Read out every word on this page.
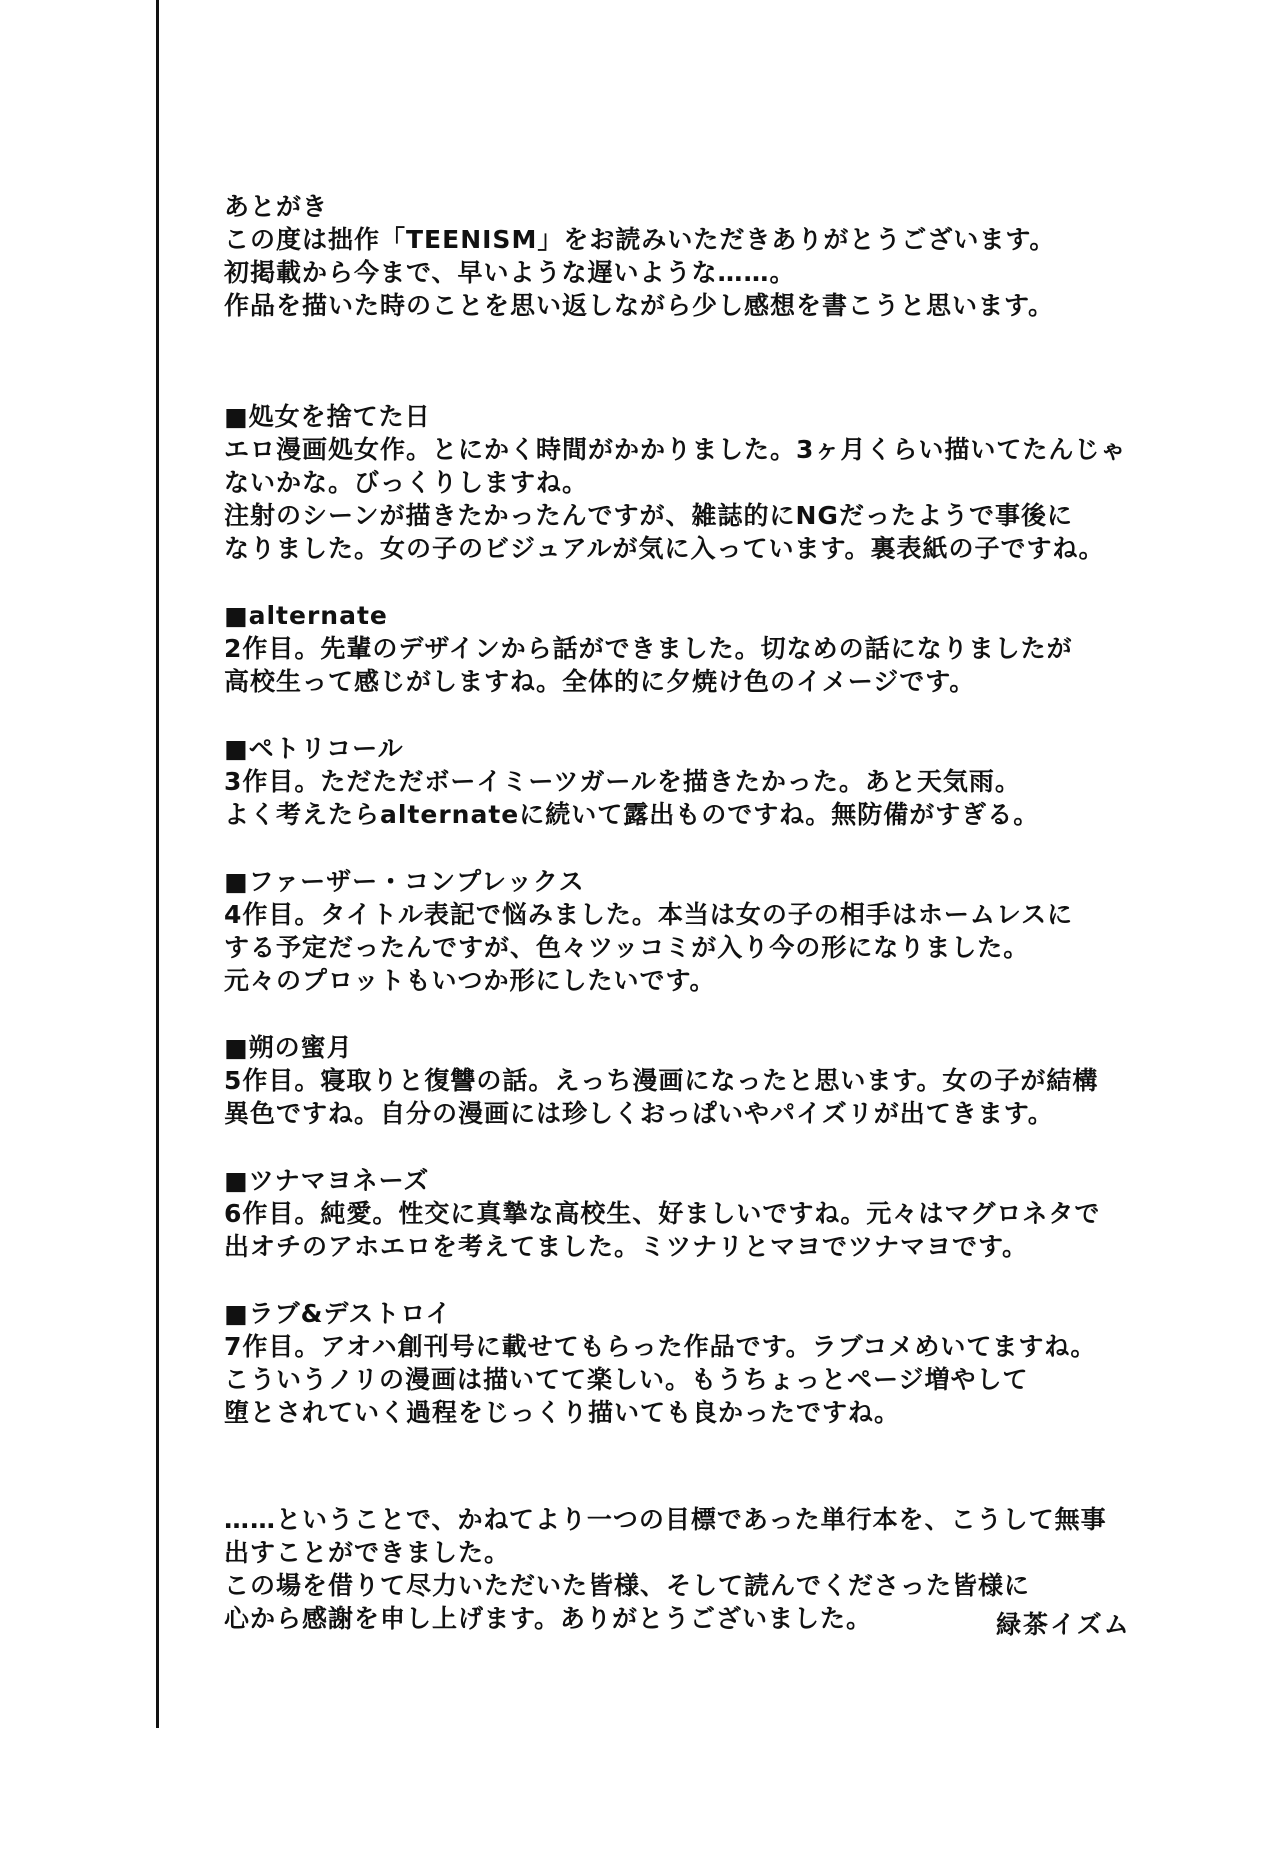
あとがき

この度は拙作「TEENISM」をお読みいただきありがとうございます。

初掲載から今まで、早いような遅いような……。

作品を描いた時のことを思い返しながら少し感想を書こうと思います。

■処女を捨てた日

エロ漫画処女作。とにかく時間がかかりました。3ヶ月くらい描いてたんじゃ

ないかな。びっくりしますね。

注射のシーンが描きたかったんですが、雑誌的にNGだったようで事後に

なりました。女の子のビジュアルが気に入っています。裏表紙の子ですね。

■alternate

2作目。先輩のデザインから話ができました。切なめの話になりましたが

高校生って感じがしますね。全体的に夕焼け色のイメージです。

■ペトリコール

3作目。ただただボーイミーツガールを描きたかった。あと天気雨。

よく考えたらalternateに続いて露出ものですね。無防備がすぎる。

■ファーザー・コンプレックス

4作目。タイトル表記で悩みました。本当は女の子の相手はホームレスに

する予定だったんですが、色々ツッコミが入り今の形になりました。

元々のプロットもいつか形にしたいです。

■朔の蜜月

5作目。寝取りと復讐の話。えっち漫画になったと思います。女の子が結構

異色ですね。自分の漫画には珍しくおっぱいやパイズリが出てきます。

■ツナマヨネーズ

6作目。純愛。性交に真摯な高校生、好ましいですね。元々はマグロネタで

出オチのアホエロを考えてました。ミツナリとマヨでツナマヨです。

■ラブ&デストロイ

7作目。アオハ創刊号に載せてもらった作品です。ラブコメめいてますね。

こういうノリの漫画は描いてて楽しい。もうちょっとページ増やして

堕とされていく過程をじっくり描いても良かったですね。

……ということで、かねてより一つの目標であった単行本を、こうして無事

出すことができました。

この場を借りて尽力いただいた皆様、そして読んでくださった皆様に

心から感謝を申し上げます。ありがとうございました。	緑茶イズム
